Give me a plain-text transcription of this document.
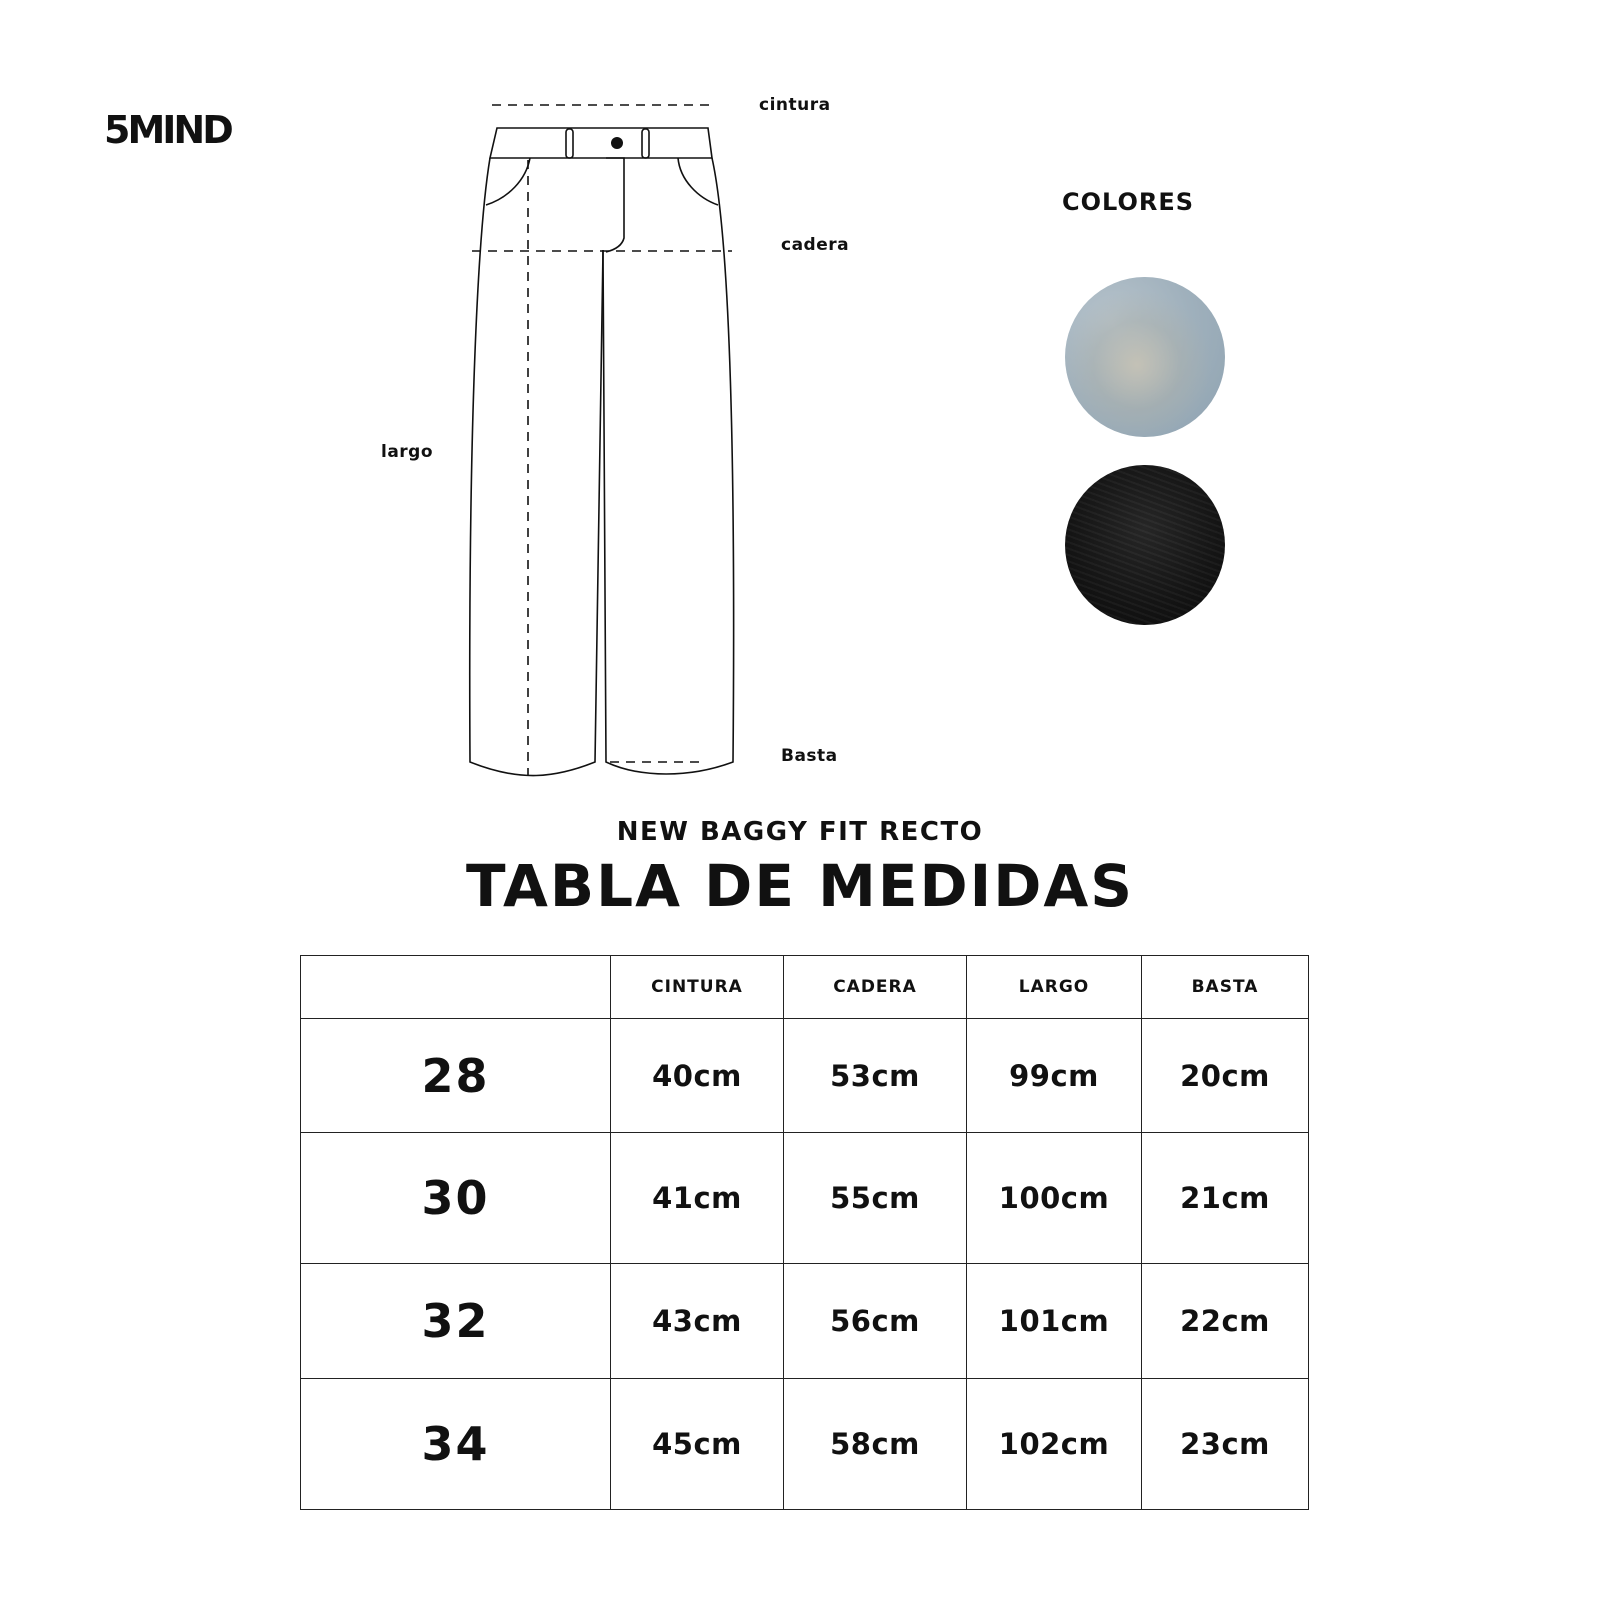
5MIND
cintura
cadera
largo
Basta
COLORES
NEW BAGGY FIT RECTO
TABLA DE MEDIDAS
	CINTURA	CADERA	LARGO	BASTA
28	40cm	53cm	99cm	20cm
30	41cm	55cm	100cm	21cm
32	43cm	56cm	101cm	22cm
34	45cm	58cm	102cm	23cm
